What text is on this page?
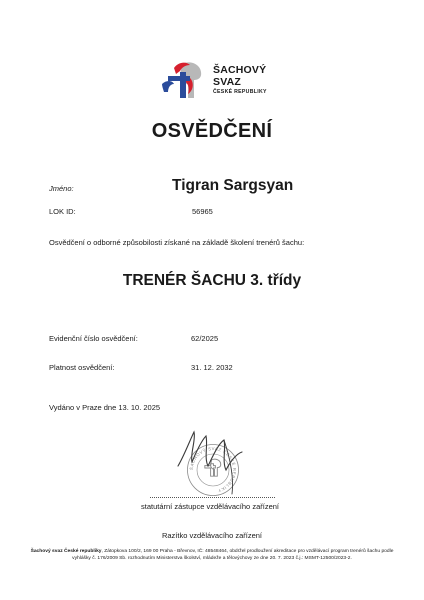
ŠACHOVÝ
SVAZ
ČESKÉ REPUBLIKY
OSVĚDČENÍ
Jméno:	Tigran Sargsyan
LOK ID:	56965
Osvědčení o odborné způsobilosti získané na základě školení trenérů šachu:
TRENÉR ŠACHU 3. třídy
Evidenční číslo osvědčení:	62/2025
Platnost osvědčení:	31. 12. 2032
Vydáno v Praze dne 13. 10. 2025
ŠACHOVÝ SVAZ ČESKÉ REPUBLIKY
statutární zástupce vzdělávacího zařízení
Razítko vzdělávacího zařízení
Šachový svaz České republiky, Zátopkova 100/2, 169 00 Praha - Břevnov, IČ: 48548464, obdržel prodloužení akreditace pro vzdělávací program trenérů šachu podle vyhlášky č. 176/2009 Sb. rozhodnutím Ministerstva školství, mládeže a tělovýchovy ze dne 20. 7. 2023 č.j.: MSMT-12500/2023-2.
